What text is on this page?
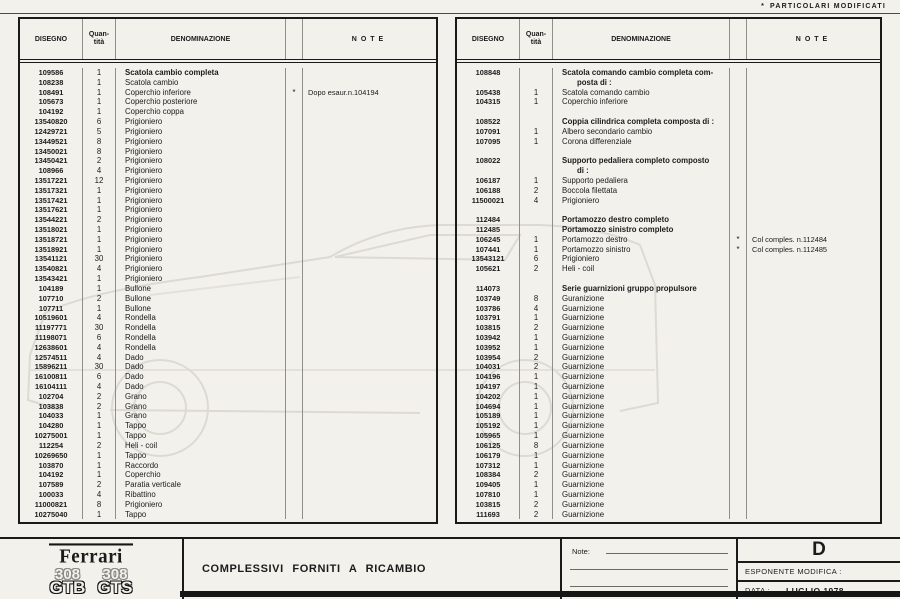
* PARTICOLARI MODIFICATI
DISEGNO
Quan-
tità	DENOMINAZIONE	NOTE
109586	1	Scatola cambio completa
108238	1	Scatola cambio
108491	1	Coperchio inferiore	*	Dopo esaur.n.104194
105673	1	Coperchio posteriore
104192	1	Coperchio coppa
13540820	6	Prigioniero
12429721	5	Prigioniero
13449521	8	Prigioniero
13450021	8	Prigioniero
13450421	2	Prigioniero
108966	4	Prigioniero
13517221	12	Prigioniero
13517321	1	Prigioniero
13517421	1	Prigioniero
13517621	1	Prigioniero
13544221	2	Prigioniero
13518021	1	Prigioniero
13518721	1	Prigioniero
13518921	1	Prigioniero
13541121	30	Prigioniero
13540821	4	Prigioniero
13543421	1	Prigioniero
104189	1	Bullone
107710	2	Bullone
107711	1	Bullone
10519601	4	Rondella
11197771	30	Rondella
11198071	6	Rondella
12638601	4	Rondella
12574511	4	Dado
15896211	30	Dado
16100811	6	Dado
16104111	4	Dado
102704	2	Grano
103838	2	Grano
104033	1	Grano
104280	1	Tappo
10275001	1	Tappo
112254	2	Heli - coil
10269650	1	Tappo
103870	1	Raccordo
104192	1	Coperchio
107589	2	Paratia verticale
100033	4	Ribattino
11000821	8	Prigioniero
10275040	1	Tappo
DISEGNO
Quan-
tità	DENOMINAZIONE	NOTE
108848	Scatola comando cambio completa com-
posta di :
105438	1	Scatola comando cambio
104315	1	Coperchio inferiore
108522	Coppia cilindrica completa composta di :
107091	1	Albero secondario cambio
107095	1	Corona differenziale
108022	Supporto pedaliera completo composto
di :
106187	1	Supporto pedaliera
106188	2	Boccola filettata
11500021	4	Prigioniero
112484	Portamozzo destro completo
112485	Portamozzo sinistro completo
106245	1	Portamozzo destro	*	Col comples. n.112484
107441	1	Portamozzo sinistro	*	Col comples. n.112485
13543121	6	Prigioniero
105621	2	Heli - coil
114073	Serie guarnizioni gruppo propulsore
103749	8	Guranizione
103786	4	Guarnizione
103791	1	Guarnizione
103815	2	Guarnizione
103942	1	Guarnizione
103952	1	Guarnizione
103954	2	Guarnizione
104031	2	Guarnizione
104196	1	Guarnizione
104197	1	Guarnizione
104202	1	Guarnizione
104694	1	Guarnizione
105189	1	Guarnizione
105192	1	Guarnizione
105965	1	Guarnizione
106125	8	Guarnizione
106179	1	Guarnizione
107312	1	Guarnizione
108384	2	Guarnizione
109405	1	Guarnizione
107810	1	Guarnizione
103815	2	Guarnizione
111693	2	Guarnizione
Ferrari
308
GTB
308
GTS
COMPLESSIVI FORNITI A RICAMBIO
Note:	D
ESPONENTE MODIFICA :
